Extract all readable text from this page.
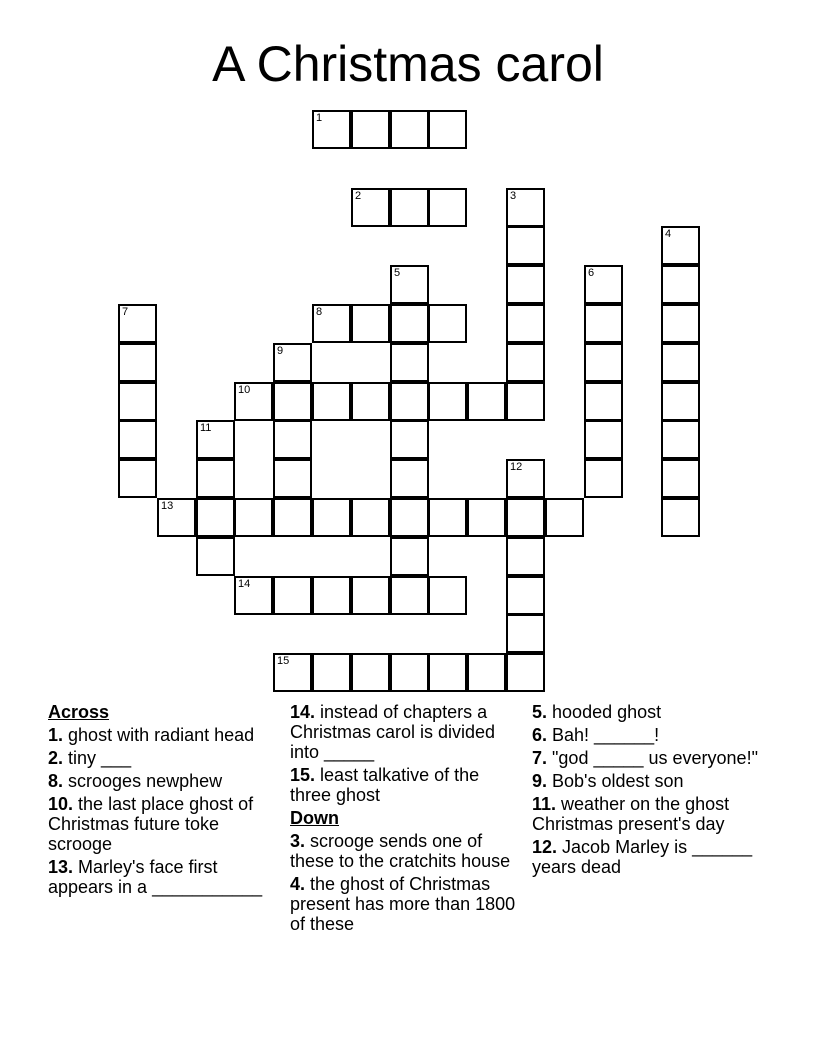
A Christmas carol
1
2	3
4
5	6
7	8
9
10
11
12
13
14
15
Across
1. ghost with radiant head
2. tiny ___
8. scrooges newphew
10. the last place ghost of Christmas future toke scrooge
13. Marley's face first appears in a ___________
14. instead of chapters a Christmas carol is divided into _____
15. least talkative of the three ghost
Down
3. scrooge sends one of these to the cratchits house
4. the ghost of Christmas present has more than 1800 of these
5. hooded ghost
6. Bah! ______!
7. "god _____ us everyone!"
9. Bob's oldest son
11. weather on the ghost Christmas present's day
12. Jacob Marley is ______ years dead
